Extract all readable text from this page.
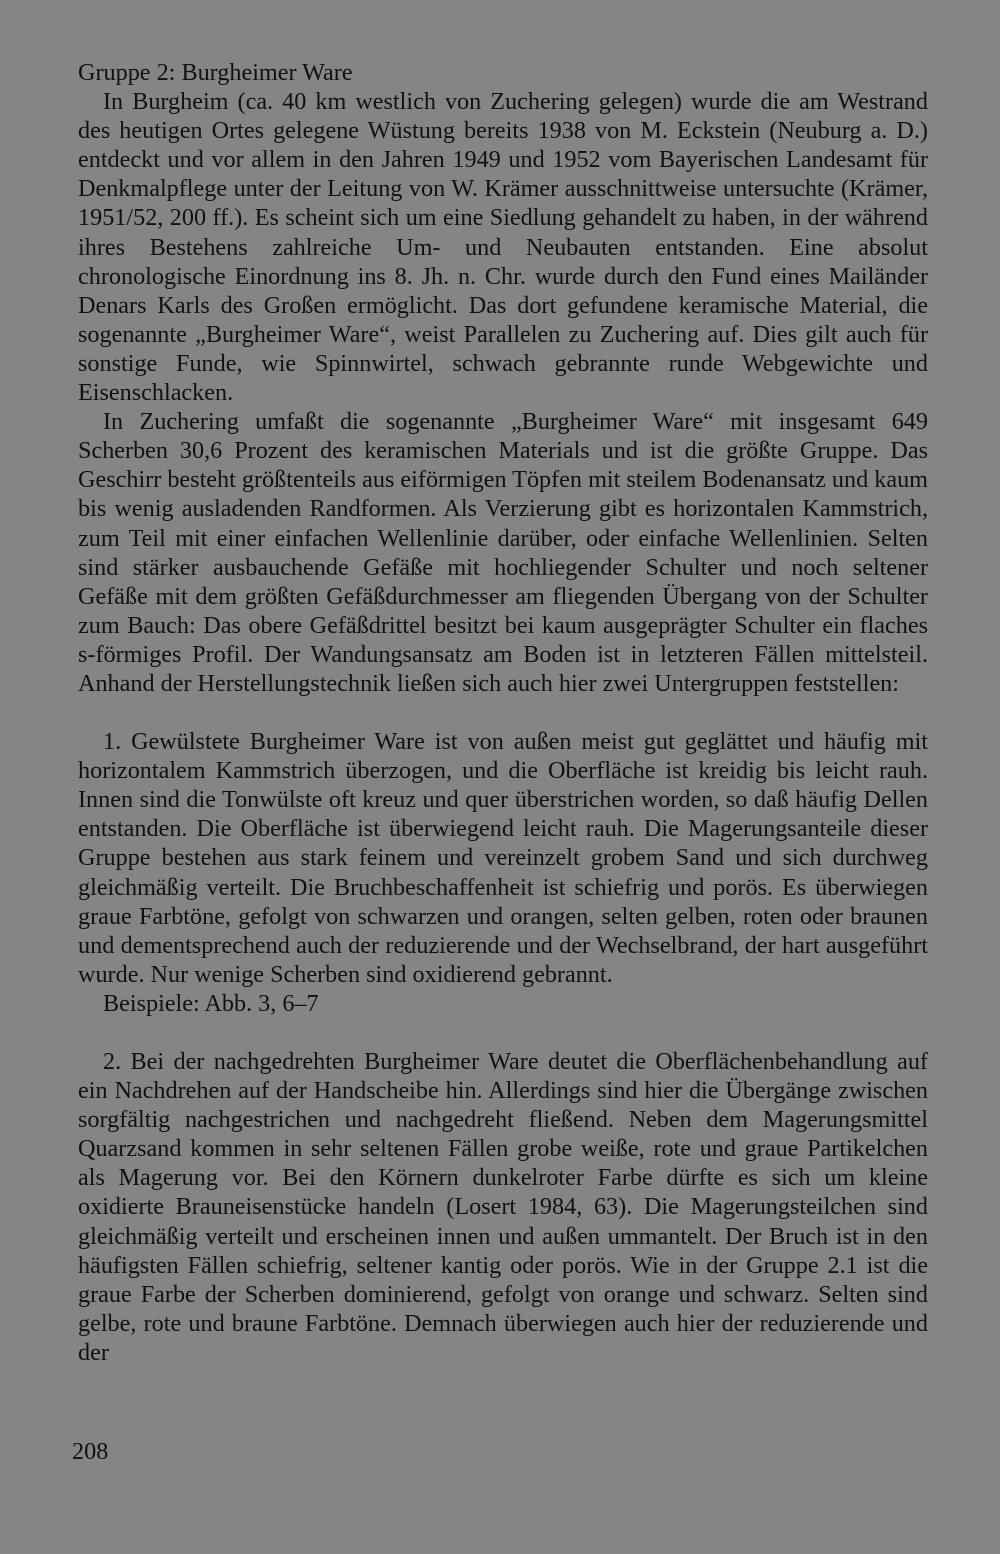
Gruppe 2: Burgheimer Ware

In Burgheim (ca. 40 km westlich von Zuchering gelegen) wurde die am Westrand des heutigen Ortes gelegene Wüstung bereits 1938 von M. Eckstein (Neuburg a. D.) entdeckt und vor allem in den Jahren 1949 und 1952 vom Bayerischen Landesamt für Denkmalpflege unter der Leitung von W. Krämer ausschnittweise untersuchte (Krämer, 1951/52, 200 ff.). Es scheint sich um eine Siedlung gehandelt zu haben, in der während ihres Bestehens zahlreiche Um- und Neubauten entstanden. Eine absolut chronologische Einordnung ins 8. Jh. n. Chr. wurde durch den Fund eines Mailänder Denars Karls des Großen ermöglicht. Das dort gefundene keramische Material, die sogenannte „Burgheimer Ware“, weist Parallelen zu Zuchering auf. Dies gilt auch für sonstige Funde, wie Spinnwirtel, schwach gebrannte runde Webgewichte und Eisenschlacken.

In Zuchering umfaßt die sogenannte „Burgheimer Ware“ mit insgesamt 649 Scherben 30,6 Prozent des keramischen Materials und ist die größte Gruppe. Das Geschirr besteht größtenteils aus eiförmigen Töpfen mit steilem Bodenansatz und kaum bis wenig ausladenden Randformen. Als Verzierung gibt es horizontalen Kammstrich, zum Teil mit einer einfachen Wellenlinie darüber, oder einfache Wellenlinien. Selten sind stärker ausbauchende Gefäße mit hochliegender Schulter und noch seltener Gefäße mit dem größten Gefäßdurchmesser am fliegenden Übergang von der Schulter zum Bauch: Das obere Gefäßdrittel besitzt bei kaum ausgeprägter Schulter ein flaches s-förmiges Profil. Der Wandungsansatz am Boden ist in letzteren Fällen mittelsteil. Anhand der Herstellungstechnik ließen sich auch hier zwei Untergruppen feststellen:

1. Gewülstete Burgheimer Ware ist von außen meist gut geglättet und häufig mit horizontalem Kammstrich überzogen, und die Oberfläche ist kreidig bis leicht rauh. Innen sind die Tonwülste oft kreuz und quer überstrichen worden, so daß häufig Dellen entstanden. Die Oberfläche ist überwiegend leicht rauh. Die Magerungsanteile dieser Gruppe bestehen aus stark feinem und vereinzelt grobem Sand und sich durchweg gleichmäßig verteilt. Die Bruchbeschaffenheit ist schiefrig und porös. Es überwiegen graue Farbtöne, gefolgt von schwarzen und orangen, selten gelben, roten oder braunen und dementsprechend auch der reduzierende und der Wechselbrand, der hart ausgeführt wurde. Nur wenige Scherben sind oxidierend gebrannt.

Beispiele: Abb. 3, 6–7

2. Bei der nachgedrehten Burgheimer Ware deutet die Oberflächenbehandlung auf ein Nachdrehen auf der Handscheibe hin. Allerdings sind hier die Übergänge zwischen sorgfältig nachgestrichen und nachgedreht fließend. Neben dem Magerungsmittel Quarzsand kommen in sehr seltenen Fällen grobe weiße, rote und graue Partikelchen als Magerung vor. Bei den Körnern dunkelroter Farbe dürfte es sich um kleine oxidierte Brauneisenstücke handeln (Losert 1984, 63). Die Magerungsteilchen sind gleichmäßig verteilt und erscheinen innen und außen ummantelt. Der Bruch ist in den häufigsten Fällen schiefrig, seltener kantig oder porös. Wie in der Gruppe 2.1 ist die graue Farbe der Scherben dominierend, gefolgt von orange und schwarz. Selten sind gelbe, rote und braune Farbtöne. Demnach überwiegen auch hier der reduzierende und der

208
